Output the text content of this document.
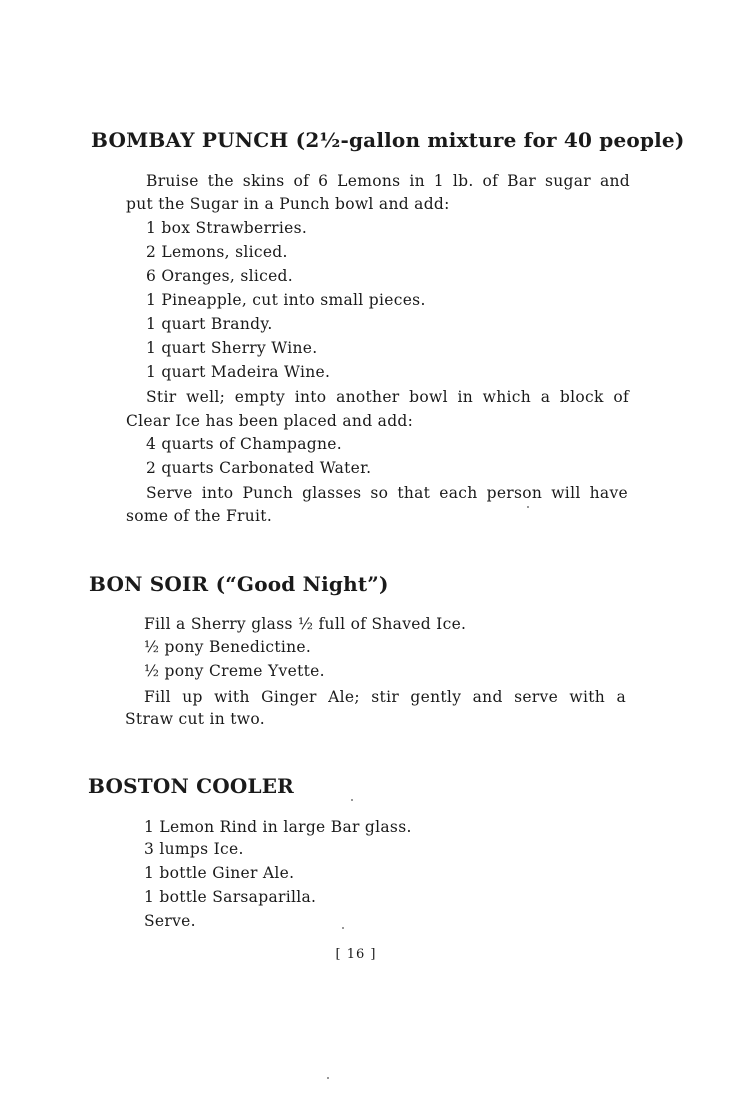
BOMBAY PUNCH (2½-gallon mixture for 40 people)
Bruise the skins of 6 Lemons in 1 lb. of Bar sugar and
put the Sugar in a Punch bowl and add:
1 box Strawberries.
2 Lemons, sliced.
6 Oranges, sliced.
1 Pineapple, cut into small pieces.
1 quart Brandy.
1 quart Sherry Wine.
1 quart Madeira Wine.
Stir well; empty into another bowl in which a block of
Clear Ice has been placed and add:
4 quarts of Champagne.
2 quarts Carbonated Water.
Serve into Punch glasses so that each person will have
some of the Fruit.
BON SOIR (“Good Night”)
Fill a Sherry glass ½ full of Shaved Ice.
½ pony Benedictine.
½ pony Creme Yvette.
Fill up with Ginger Ale; stir gently and serve with a
Straw cut in two.
BOSTON COOLER
1 Lemon Rind in large Bar glass.
3 lumps Ice.
1 bottle Giner Ale.
1 bottle Sarsaparilla.
Serve.
[ 16 ]
